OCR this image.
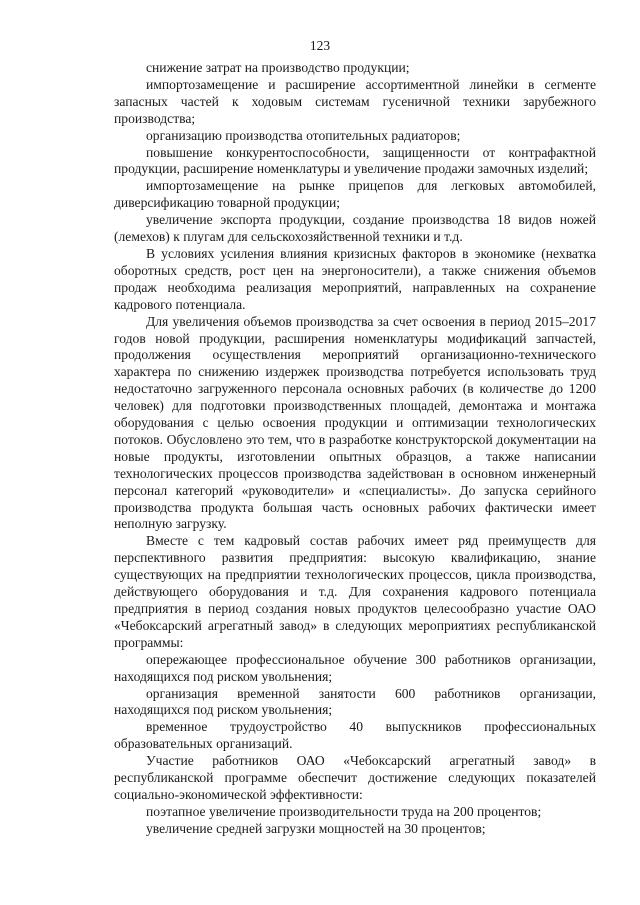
123

снижение затрат на производство продукции;

импортозамещение и расширение ассортиментной линейки в сегменте запасных частей к ходовым системам гусеничной техники зарубежного производства;

организацию производства отопительных радиаторов;

повышение конкурентоспособности, защищенности от контрафактной продукции, расширение номенклатуры и увеличение продажи замочных изделий;

импортозамещение на рынке прицепов для легковых автомобилей, диверсификацию товарной продукции;

увеличение экспорта продукции, создание производства 18 видов ножей (лемехов) к плугам для сельскохозяйственной техники и т.д.

В условиях усиления влияния кризисных факторов в экономике (нехватка оборотных средств, рост цен на энергоносители), а также снижения объемов продаж необходима реализация мероприятий, направленных на сохранение кадрового потенциала.

Для увеличения объемов производства за счет освоения в период 2015–2017 годов новой продукции, расширения номенклатуры модификаций запчастей, продолжения осуществления мероприятий организационно-технического характера по снижению издержек производства потребуется использовать труд недостаточно загруженного персонала основных рабочих (в количестве до 1200 человек) для подготовки производственных площадей, демонтажа и монтажа оборудования с целью освоения продукции и оптимизации технологических потоков. Обусловлено это тем, что в разработке конструкторской документации на новые продукты, изготовлении опытных образцов, а также написании технологических процессов производства задействован в основном инженерный персонал категорий «руководители» и «специалисты». До запуска серийного производства продукта большая часть основных рабочих фактически имеет неполную загрузку.

Вместе с тем кадровый состав рабочих имеет ряд преимуществ для перспективного развития предприятия: высокую квалификацию, знание существующих на предприятии технологических процессов, цикла производства, действующего оборудования и т.д. Для сохранения кадрового потенциала предприятия в период создания новых продуктов целесообразно участие ОАО «Чебоксарский агрегатный завод» в следующих мероприятиях республиканской программы:

опережающее профессиональное обучение 300 работников организации, находящихся под риском увольнения;

организация временной занятости 600 работников организации, находящихся под риском увольнения;

временное трудоустройство 40 выпускников профессиональных образовательных организаций.

Участие работников ОАО «Чебоксарский агрегатный завод» в республиканской программе обеспечит достижение следующих показателей социально-экономической эффективности:

поэтапное увеличение производительности труда на 200 процентов;

увеличение средней загрузки мощностей на 30 процентов;
